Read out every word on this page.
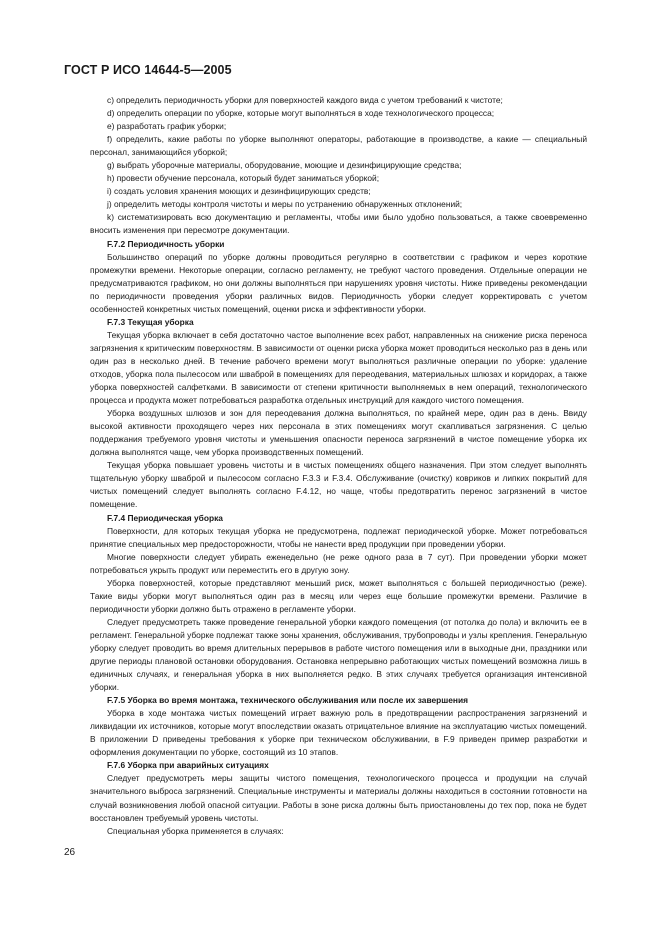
ГОСТ Р ИСО 14644-5—2005

c) определить периодичность уборки для поверхностей каждого вида с учетом требований к чистоте;

d) определить операции по уборке, которые могут выполняться в ходе технологического процесса;

e) разработать график уборки;

f) определить, какие работы по уборке выполняют операторы, работающие в производстве, а какие — специальный персонал, занимающийся уборкой;

g) выбрать уборочные материалы, оборудование, моющие и дезинфицирующие средства;

h) провести обучение персонала, который будет заниматься уборкой;

i) создать условия хранения моющих и дезинфицирующих средств;

j) определить методы контроля чистоты и меры по устранению обнаруженных отклонений;

k) систематизировать всю документацию и регламенты, чтобы ими было удобно пользоваться, а также своевременно вносить изменения при пересмотре документации.

F.7.2 Периодичность уборки

Большинство операций по уборке должны проводиться регулярно в соответствии с графиком и через короткие промежутки времени. Некоторые операции, согласно регламенту, не требуют частого проведения. Отдельные операции не предусматриваются графиком, но они должны выполняться при нарушениях уровня чистоты. Ниже приведены рекомендации по периодичности проведения уборки различных видов. Периодичность уборки следует корректировать с учетом особенностей конкретных чистых помещений, оценки риска и эффективности уборки.

F.7.3 Текущая уборка

Текущая уборка включает в себя достаточно частое выполнение всех работ, направленных на снижение риска переноса загрязнения к критическим поверхностям. В зависимости от оценки риска уборка может проводиться несколько раз в день или один раз в несколько дней. В течение рабочего времени могут выполняться различные операции по уборке: удаление отходов, уборка пола пылесосом или шваброй в помещениях для переодевания, материальных шлюзах и коридорах, а также уборка поверхностей салфетками. В зависимости от степени критичности выполняемых в нем операций, технологического процесса и продукта может потребоваться разработка отдельных инструкций для каждого чистого помещения.

Уборка воздушных шлюзов и зон для переодевания должна выполняться, по крайней мере, один раз в день. Ввиду высокой активности проходящего через них персонала в этих помещениях могут скапливаться загрязнения. С целью поддержания требуемого уровня чистоты и уменьшения опасности переноса загрязнений в чистое помещение уборка их должна выполнятся чаще, чем уборка производственных помещений.

Текущая уборка повышает уровень чистоты и в чистых помещениях общего назначения. При этом следует выполнять тщательную уборку шваброй и пылесосом согласно F.3.3 и F.3.4. Обслуживание (очистку) ковриков и липких покрытий для чистых помещений следует выполнять согласно F.4.12, но чаще, чтобы предотвратить перенос загрязнений в чистое помещение.

F.7.4 Периодическая уборка

Поверхности, для которых текущая уборка не предусмотрена, подлежат периодической уборке. Может потребоваться принятие специальных мер предосторожности, чтобы не нанести вред продукции при проведении уборки.

Многие поверхности следует убирать еженедельно (не реже одного раза в 7 сут). При проведении уборки может потребоваться укрыть продукт или переместить его в другую зону.

Уборка поверхностей, которые представляют меньший риск, может выполняться с большей периодичностью (реже). Такие виды уборки могут выполняться один раз в месяц или через еще большие промежутки времени. Различие в периодичности уборки должно быть отражено в регламенте уборки.

Следует предусмотреть также проведение генеральной уборки каждого помещения (от потолка до пола) и включить ее в регламент. Генеральной уборке подлежат также зоны хранения, обслуживания, трубопроводы и узлы крепления. Генеральную уборку следует проводить во время длительных перерывов в работе чистого помещения или в выходные дни, праздники или другие периоды плановой остановки оборудования. Остановка непрерывно работающих чистых помещений возможна лишь в единичных случаях, и генеральная уборка в них выполняется редко. В этих случаях требуется организация интенсивной уборки.

F.7.5 Уборка во время монтажа, технического обслуживания или после их завершения

Уборка в ходе монтажа чистых помещений играет важную роль в предотвращении распространения загрязнений и ликвидации их источников, которые могут впоследствии оказать отрицательное влияние на эксплуатацию чистых помещений. В приложении D приведены требования к уборке при техническом обслуживании, в F.9 приведен пример разработки и оформления документации по уборке, состоящий из 10 этапов.

F.7.6 Уборка при аварийных ситуациях

Следует предусмотреть меры защиты чистого помещения, технологического процесса и продукции на случай значительного выброса загрязнений. Специальные инструменты и материалы должны находиться в состоянии готовности на случай возникновения любой опасной ситуации. Работы в зоне риска должны быть приостановлены до тех пор, пока не будет восстановлен требуемый уровень чистоты.

Специальная уборка применяется в случаях:

26
